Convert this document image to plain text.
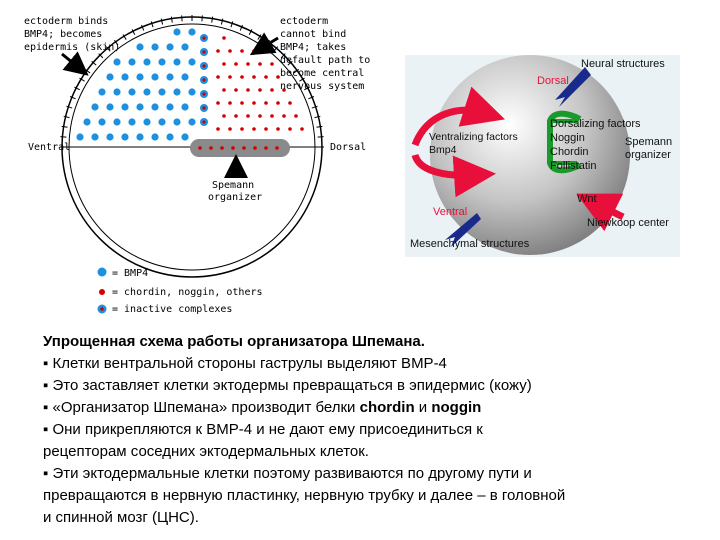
ectoderm binds BMP4; becomes epidermis (skin)
ectoderm cannot bind BMP4; takes default path to become central nervous system
Ventral	Dorsal
Spemann organizer
= BMP4
= chordin, noggin, others
= inactive complexes
Neural structures
Dorsal
Ventralizing factors Bmp4
Dorsalizing factors Noggin Chordin Follistatin
Spemann organizer
Wnt
Niewkoop center
Ventral
Mesenchymal structures
Упрощенная схема работы организатора Шпемана.
▪ Клетки вентральной стороны гаструлы выделяют BMP-4
▪ Это заставляет клетки эктодермы превращаться в эпидермис (кожу)
▪ «Организатор Шпемана» производит белки chordin и noggin
▪ Они прикрепляются к BMP-4 и не дают ему присоединиться к
рецепторам соседних эктодермальных клеток.
▪ Эти эктодермальные клетки поэтому развиваются по другому пути и
превращаются в нервную пластинку, нервную трубку и далее – в головной
и спинной мозг (ЦНС).
